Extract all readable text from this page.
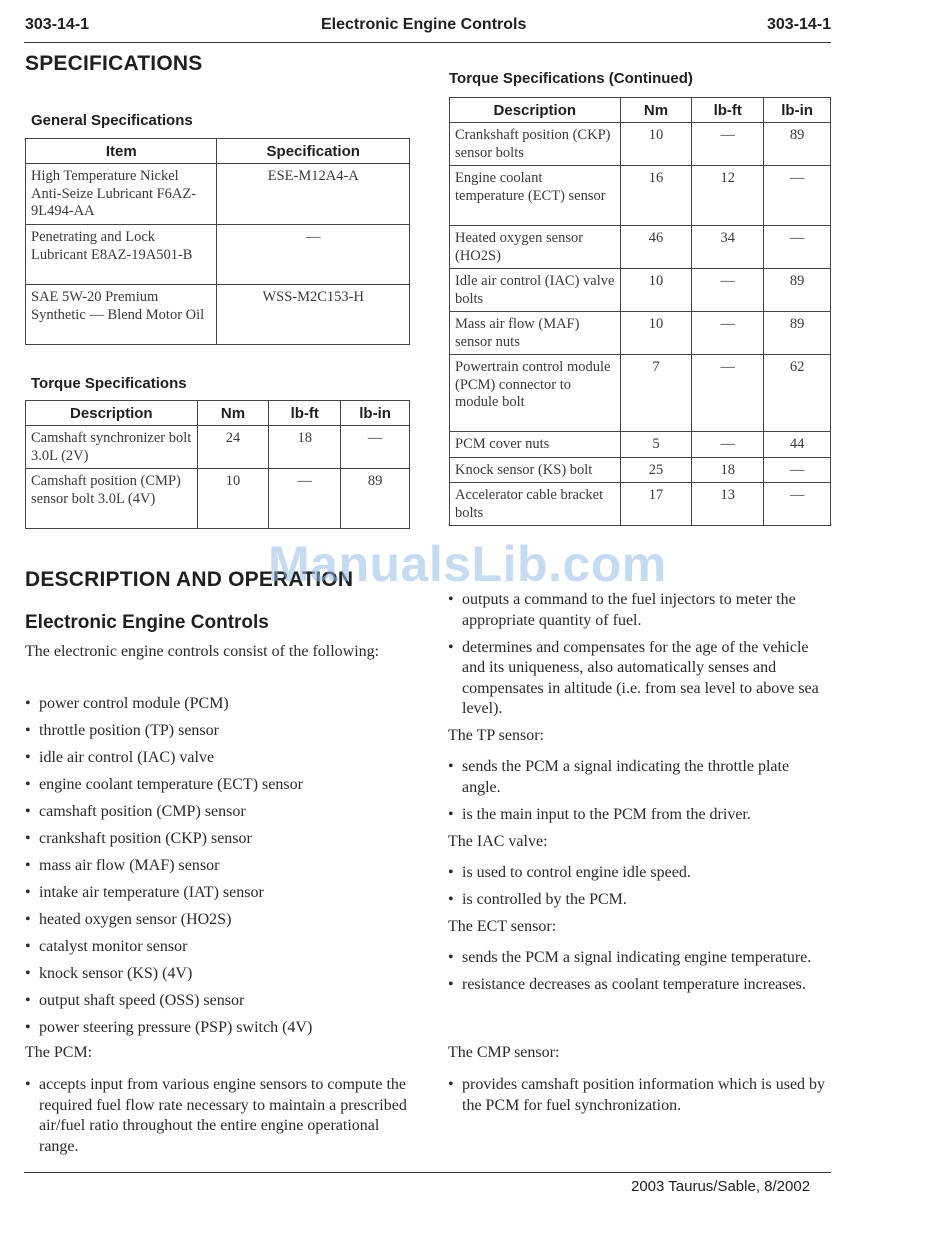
303-14-1	Electronic Engine Controls	303-14-1
SPECIFICATIONS
General Specifications
Item	Specification
High Temperature Nickel Anti-Seize Lubricant F6AZ-9L494-AA	ESE-M12A4-A
Penetrating and Lock Lubricant E8AZ-19A501-B	—
SAE 5W-20 Premium Synthetic — Blend Motor Oil	WSS-M2C153-H
Torque Specifications
Description	Nm	lb-ft	lb-in
Camshaft synchronizer bolt 3.0L (2V)	24	18	—
Camshaft position (CMP) sensor bolt 3.0L (4V)	10	—	89
Torque Specifications (Continued)
Description	Nm	lb-ft	lb-in
Crankshaft position (CKP) sensor bolts	10	—	89
Engine coolant temperature (ECT) sensor	16	12	—
Heated oxygen sensor (HO2S)	46	34	—
Idle air control (IAC) valve bolts	10	—	89
Mass air flow (MAF) sensor nuts	10	—	89
Powertrain control module (PCM) connector to module bolt	7	—	62
PCM cover nuts	5	—	44
Knock sensor (KS) bolt	25	18	—
Accelerator cable bracket bolts	17	13	—
DESCRIPTION AND OPERATION
ManualsLib.com
Electronic Engine Controls

The electronic engine controls consist of the following:

• power control module (PCM)
• throttle position (TP) sensor
• idle air control (IAC) valve
• engine coolant temperature (ECT) sensor
• camshaft position (CMP) sensor
• crankshaft position (CKP) sensor
• mass air flow (MAF) sensor
• intake air temperature (IAT) sensor
• heated oxygen sensor (HO2S)
• catalyst monitor sensor
• knock sensor (KS) (4V)
• output shaft speed (OSS) sensor
• power steering pressure (PSP) switch (4V)

The PCM:

• accepts input from various engine sensors to compute the required fuel flow rate necessary to maintain a prescribed air/fuel ratio throughout the entire engine operational range.
• outputs a command to the fuel injectors to meter the appropriate quantity of fuel.
• determines and compensates for the age of the vehicle and its uniqueness, also automatically senses and compensates in altitude (i.e. from sea level to above sea level).

The TP sensor:

• sends the PCM a signal indicating the throttle plate angle.
• is the main input to the PCM from the driver.

The IAC valve:

• is used to control engine idle speed.
• is controlled by the PCM.

The ECT sensor:

• sends the PCM a signal indicating engine temperature.
• resistance decreases as coolant temperature increases.

The CMP sensor:

• provides camshaft position information which is used by the PCM for fuel synchronization.
2003 Taurus/Sable, 8/2002
